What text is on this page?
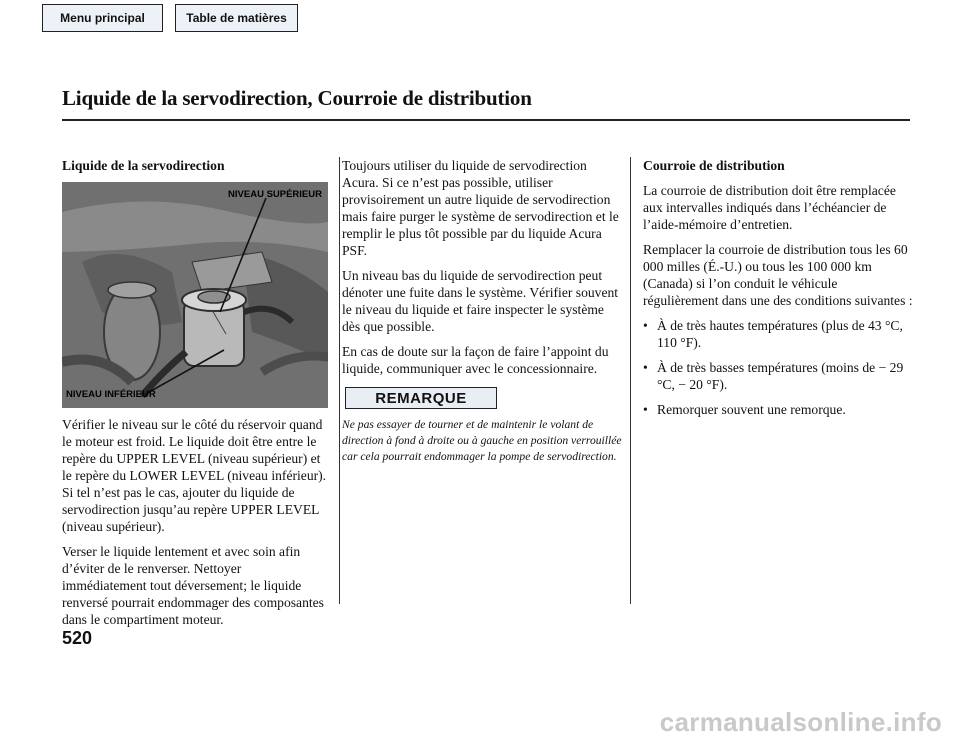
Menu principal	Table de matières
Liquide de la servodirection, Courroie de distribution

Liquide de la servodirection

NIVEAU SUPÉRIEUR
NIVEAU INFÉRIEUR

Vérifier le niveau sur le côté du réservoir quand le moteur est froid. Le liquide doit être entre le repère du UPPER LEVEL (niveau supérieur) et le repère du LOWER LEVEL (niveau inférieur). Si tel n’est pas le cas, ajouter du liquide de servodirection jusqu’au repère UPPER LEVEL (niveau supérieur).

Verser le liquide lentement et avec soin afin d’éviter de le renverser. Nettoyer immédiatement tout déversement; le liquide renversé pourrait endommager des composantes dans le compartiment moteur.

Toujours utiliser du liquide de servodirection Acura. Si ce n’est pas possible, utiliser provisoirement un autre liquide de servodirection mais faire purger le système de servodirection et le remplir le plus tôt possible par du liquide Acura PSF.

Un niveau bas du liquide de servodirection peut dénoter une fuite dans le système. Vérifier souvent le niveau du liquide et faire inspecter le système dès que possible.

En cas de doute sur la façon de faire l’appoint du liquide, communiquer avec le concessionnaire.

REMARQUE

Ne pas essayer de tourner et de maintenir le volant de direction à fond à droite ou à gauche en position verrouillée car cela pourrait endommager la pompe de servodirection.

Courroie de distribution

La courroie de distribution doit être remplacée aux intervalles indiqués dans l’échéancier de l’aide-mémoire d’entretien.

Remplacer la courroie de distribution tous les 60 000 milles (É.-U.) ou tous les 100 000 km (Canada) si l’on conduit le véhicule régulièrement dans une des conditions suivantes :

• À de très hautes températures (plus de 43 °C, 110 °F).
• À de très basses températures (moins de − 29 °C, − 20 °F).
• Remorquer souvent une remorque.
520
carmanualsonline.info
